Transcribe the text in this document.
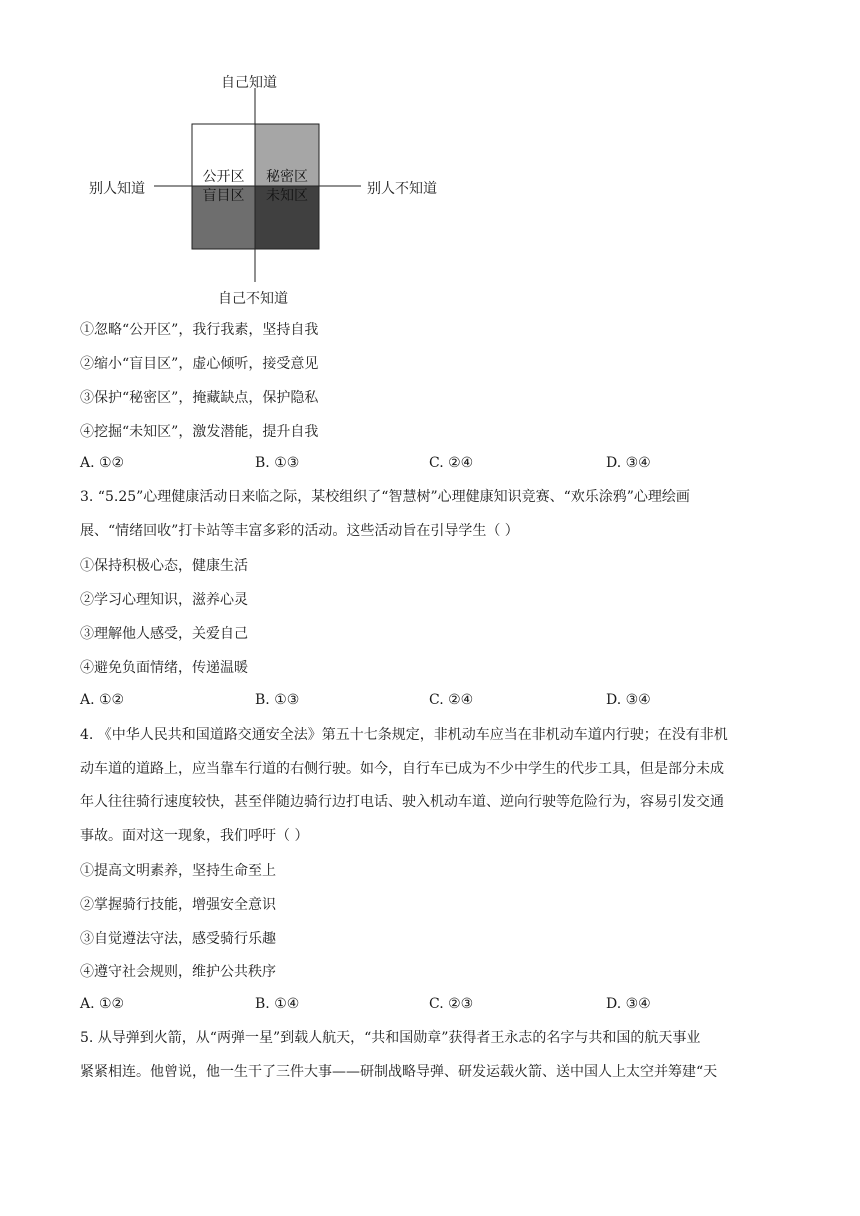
自己知道
自己不知道
别人知道	别人不知道
公开区	秘密区
盲目区	未知区
①忽略“公开区”，我行我素，坚持自我
②缩小“盲目区”，虚心倾听，接受意见
③保护“秘密区”，掩藏缺点，保护隐私
④挖掘“未知区”，激发潜能，提升自我
A. ①②	B. ①③	C. ②④	D. ③④

3. “5.25”心理健康活动日来临之际，某校组织了“智慧树”心理健康知识竞赛、“欢乐涂鸦”心理绘画

展、“情绪回收”打卡站等丰富多彩的活动。这些活动旨在引导学生（ ）

①保持积极心态，健康生活
②学习心理知识，滋养心灵
③理解他人感受，关爱自己
④避免负面情绪，传递温暖
A. ①②	B. ①③	C. ②④	D. ③④

4. 《中华人民共和国道路交通安全法》第五十七条规定，非机动车应当在非机动车道内行驶；在没有非机

动车道的道路上，应当靠车行道的右侧行驶。如今，自行车已成为不少中学生的代步工具，但是部分未成

年人往往骑行速度较快，甚至伴随边骑行边打电话、驶入机动车道、逆向行驶等危险行为，容易引发交通

事故。面对这一现象，我们呼吁（ ）

①提高文明素养，坚持生命至上
②掌握骑行技能，增强安全意识
③自觉遵法守法，感受骑行乐趣
④遵守社会规则，维护公共秩序
A. ①②	B. ①④	C. ②③	D. ③④

5. 从导弹到火箭，从“两弹一星”到载人航天，“共和国勋章”获得者王永志的名字与共和国的航天事业

紧紧相连。他曾说，他一生干了三件大事——研制战略导弹、研发运载火箭、送中国人上太空并筹建“天
